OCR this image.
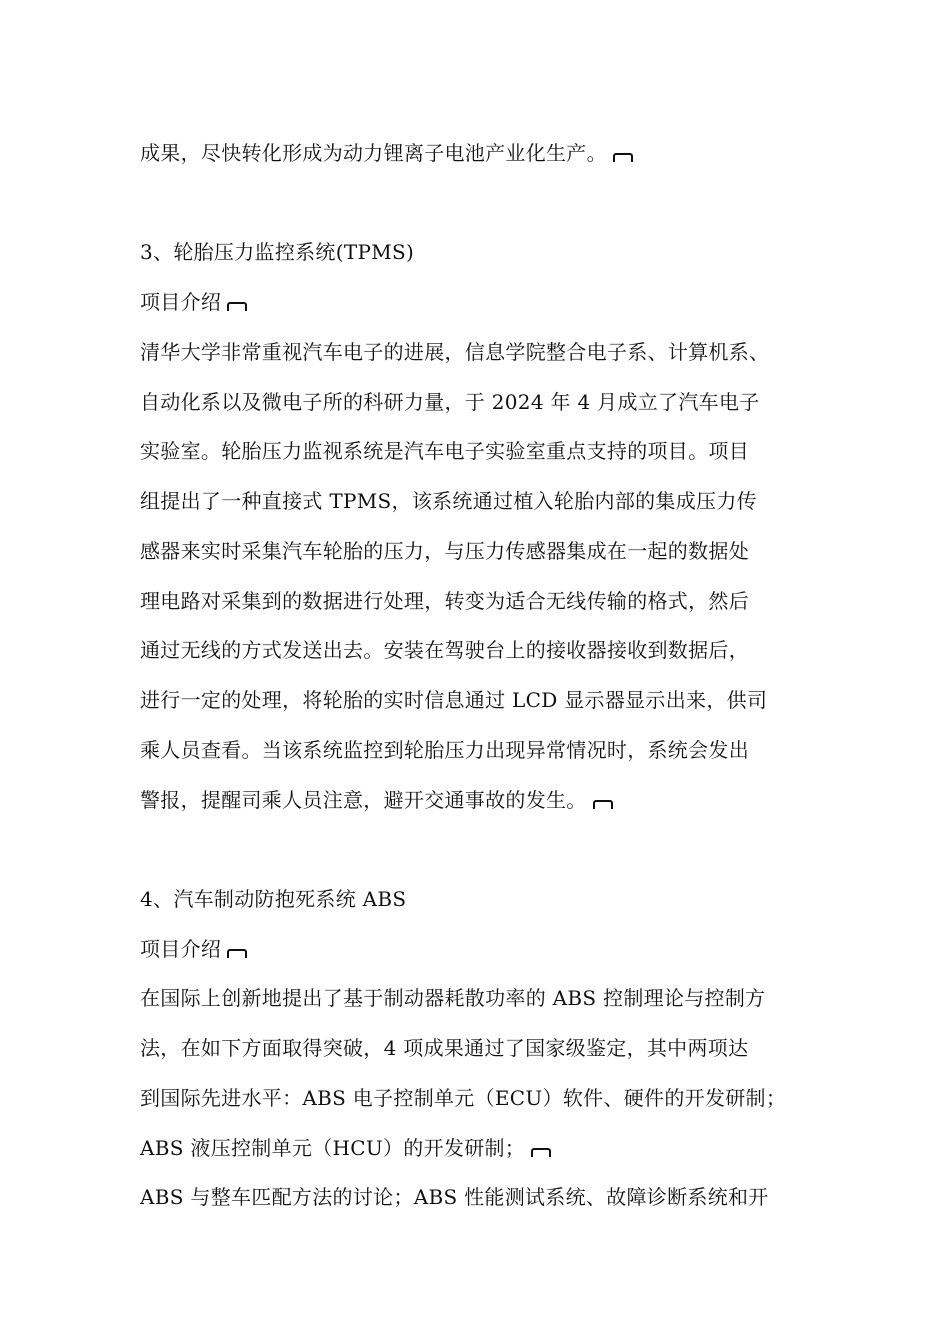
成果，尽快转化形成为动力锂离子电池产业化生产。
3、轮胎压力监控系统(TPMS)
项目介绍
清华大学非常重视汽车电子的进展，信息学院整合电子系、计算机系、
自动化系以及微电子所的科研力量，于 2024 年 4 月成立了汽车电子
实验室。轮胎压力监视系统是汽车电子实验室重点支持的项目。项目
组提出了一种直接式 TPMS，该系统通过植入轮胎内部的集成压力传
感器来实时采集汽车轮胎的压力，与压力传感器集成在一起的数据处
理电路对采集到的数据进行处理，转变为适合无线传输的格式，然后
通过无线的方式发送出去。安装在驾驶台上的接收器接收到数据后，
进行一定的处理，将轮胎的实时信息通过 LCD 显示器显示出来，供司
乘人员查看。当该系统监控到轮胎压力出现异常情况时，系统会发出
警报，提醒司乘人员注意，避开交通事故的发生。
4、汽车制动防抱死系统 ABS
项目介绍
在国际上创新地提出了基于制动器耗散功率的 ABS 控制理论与控制方
法，在如下方面取得突破，4 项成果通过了国家级鉴定，其中两项达
到国际先进水平：ABS 电子控制单元（ECU）软件、硬件的开发研制；
ABS 液压控制单元（HCU）的开发研制；
ABS 与整车匹配方法的讨论；ABS 性能测试系统、故障诊断系统和开
